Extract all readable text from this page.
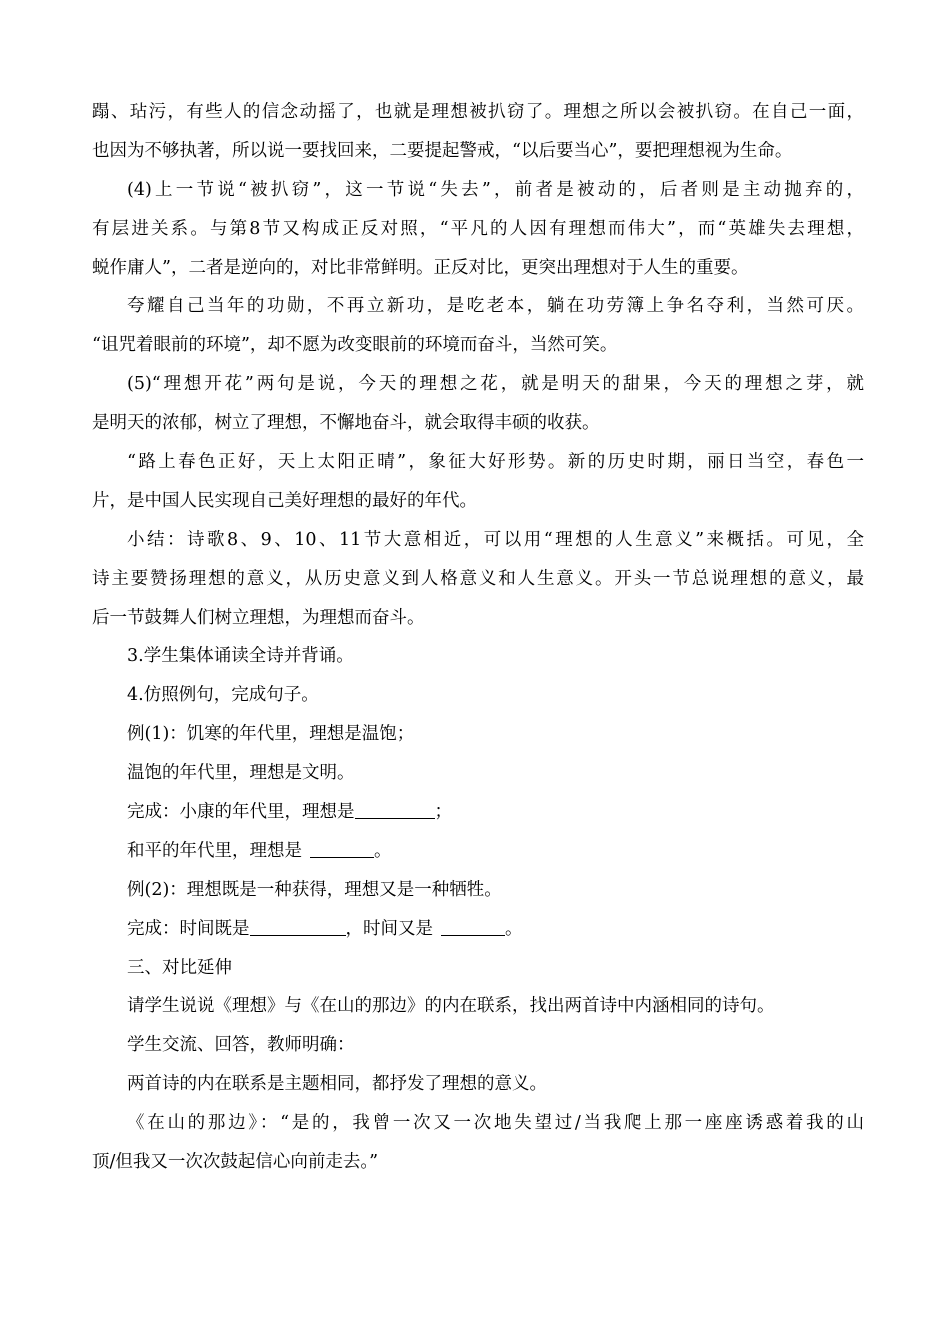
蹋、玷污，有些人的信念动摇了，也就是理想被扒窃了。理想之所以会被扒窃。在自己一面，
也因为不够执著，所以说一要找回来，二要提起警戒，“以后要当心”，要把理想视为生命。
(4)上一节说“被扒窃”，这一节说“失去”，前者是被动的，后者则是主动抛弃的，
有层进关系。与第8节又构成正反对照，“平凡的人因有理想而伟大”，而“英雄失去理想，
蜕作庸人”，二者是逆向的，对比非常鲜明。正反对比，更突出理想对于人生的重要。
夸耀自己当年的功勋，不再立新功，是吃老本，躺在功劳簿上争名夺利，当然可厌。
“诅咒着眼前的环境”，却不愿为改变眼前的环境而奋斗，当然可笑。
(5)“理想开花”两句是说，今天的理想之花，就是明天的甜果，今天的理想之芽，就
是明天的浓郁，树立了理想，不懈地奋斗，就会取得丰硕的收获。
“路上春色正好，天上太阳正晴”，象征大好形势。新的历史时期，丽日当空，春色一
片，是中国人民实现自己美好理想的最好的年代。
小结：诗歌8、9、10、11节大意相近，可以用“理想的人生意义”来概括。可见，全
诗主要赞扬理想的意义，从历史意义到人格意义和人生意义。开头一节总说理想的意义，最
后一节鼓舞人们树立理想，为理想而奋斗。
3.学生集体诵读全诗并背诵。
4.仿照例句，完成句子。
例(1)：饥寒的年代里，理想是温饱；
温饱的年代里，理想是文明。
完成：小康的年代里，理想是	；
和平的年代里，理想是	。
例(2)：理想既是一种获得，理想又是一种牺牲。
完成：时间既是	，时间又是	。
三、对比延伸
请学生说说《理想》与《在山的那边》的内在联系，找出两首诗中内涵相同的诗句。
学生交流、回答，教师明确：
两首诗的内在联系是主题相同，都抒发了理想的意义。
《在山的那边》：“是的，我曾一次又一次地失望过/当我爬上那一座座诱惑着我的山
顶/但我又一次次鼓起信心向前走去。”
